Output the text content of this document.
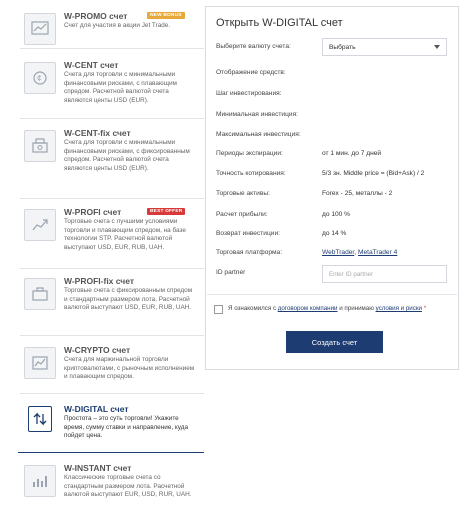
W-PROMO счет	NEW BONUS
Счет для участия в акции Jet Trade.
¢
W-CENT счет
Счета для торговли с минимальными финансовыми рисками, с плавающим спредом. Расчетной валютой счета являются центы USD (EUR).
W-CENT-fix счет
Счета для торговли с минимальными финансовыми рисками, с фиксированным спредом. Расчетной валютой счета являются центы USD (EUR).
W-PROFI счет	BEST OFFER
Торговые счета с лучшими условиями торговли и плавающим спредом, на базе технологии STP. Расчетной валютой выступают USD, EUR, RUB, UAH.
W-PROFI-fix счет
Торговые счета с фиксированным спредом и стандартным размером лота. Расчетной валютой выступают USD, EUR, RUB, UAH.
W-CRYPTO счет
Счета для маржинальной торговли криптовалютами, с рыночным исполнением и плавающим спредом.
W-DIGITAL счет
Простота – это суть торговли! Укажите время, сумму ставки и направление, куда пойдет цена.
W-INSTANT счет
Классические торговые счета со стандартным размером лота. Расчетной валютой выступают EUR, USD, RUR, UAH.
Открыть W-DIGITAL счет
Выберите валюту счета:	Выбрать
Отображение средств:
Шаг инвестирования:
Минимальная инвестиция:
Максимальная инвестиция:
Периоды экспирации:	от 1 мин. до 7 дней
Точность котирования:	5/3 зн. Middle price = (Bid+Ask) / 2
Торговые активы:	Forex - 25, металлы - 2
Расчет прибыли:	до 100 %
Возврат инвестиции:	до 14 %
Торговая платформа:	WebTrader, MetaTrader 4
ID partner
Enter ID partner
Я ознакомился с договором компании и принимаю условия и риски *
Создать счет
